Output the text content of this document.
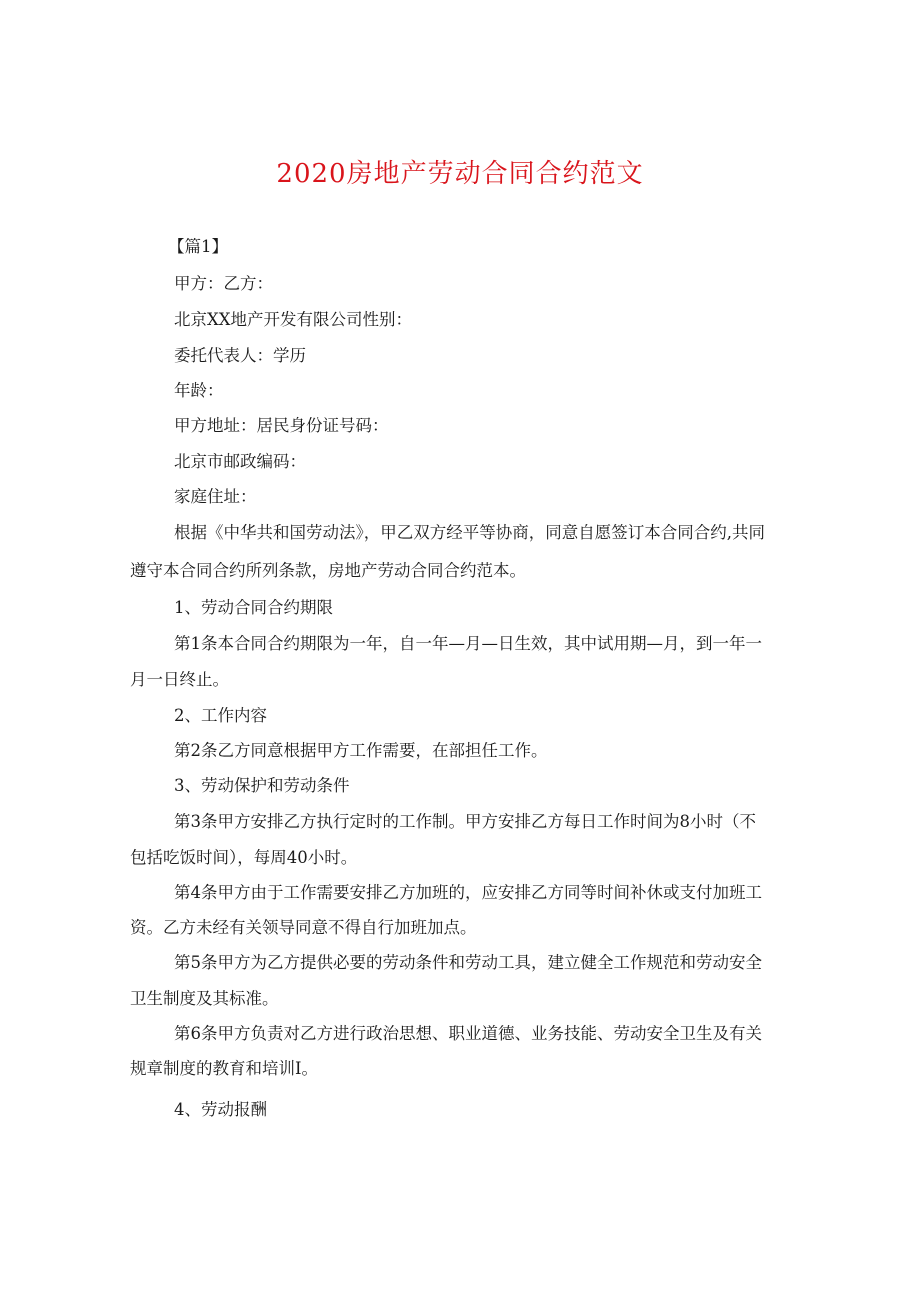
2020房地产劳动合同合约范文
【篇1】
甲方：乙方：
北京XX地产开发有限公司性别：
委托代表人：学历
年龄：
甲方地址：居民身份证号码：
北京市邮政编码：
家庭住址：
根据《中华共和国劳动法》，甲乙双方经平等协商，同意自愿签订本合同合约,共同
遵守本合同合约所列条款，房地产劳动合同合约范本。
1、劳动合同合约期限
第1条本合同合约期限为一年，自一年—月—日生效，其中试用期—月，到一年一
月一日终止。
2、工作内容
第2条乙方同意根据甲方工作需要，在部担任工作。
3、劳动保护和劳动条件
第3条甲方安排乙方执行定时的工作制。甲方安排乙方每日工作时间为8小时（不
包括吃饭时间），每周40小时。
第4条甲方由于工作需要安排乙方加班的，应安排乙方同等时间补休或支付加班工
资。乙方未经有关领导同意不得自行加班加点。
第5条甲方为乙方提供必要的劳动条件和劳动工具，建立健全工作规范和劳动安全
卫生制度及其标准。
第6条甲方负责对乙方进行政治思想、职业道德、业务技能、劳动安全卫生及有关
规章制度的教育和培训I。
4、劳动报酬
